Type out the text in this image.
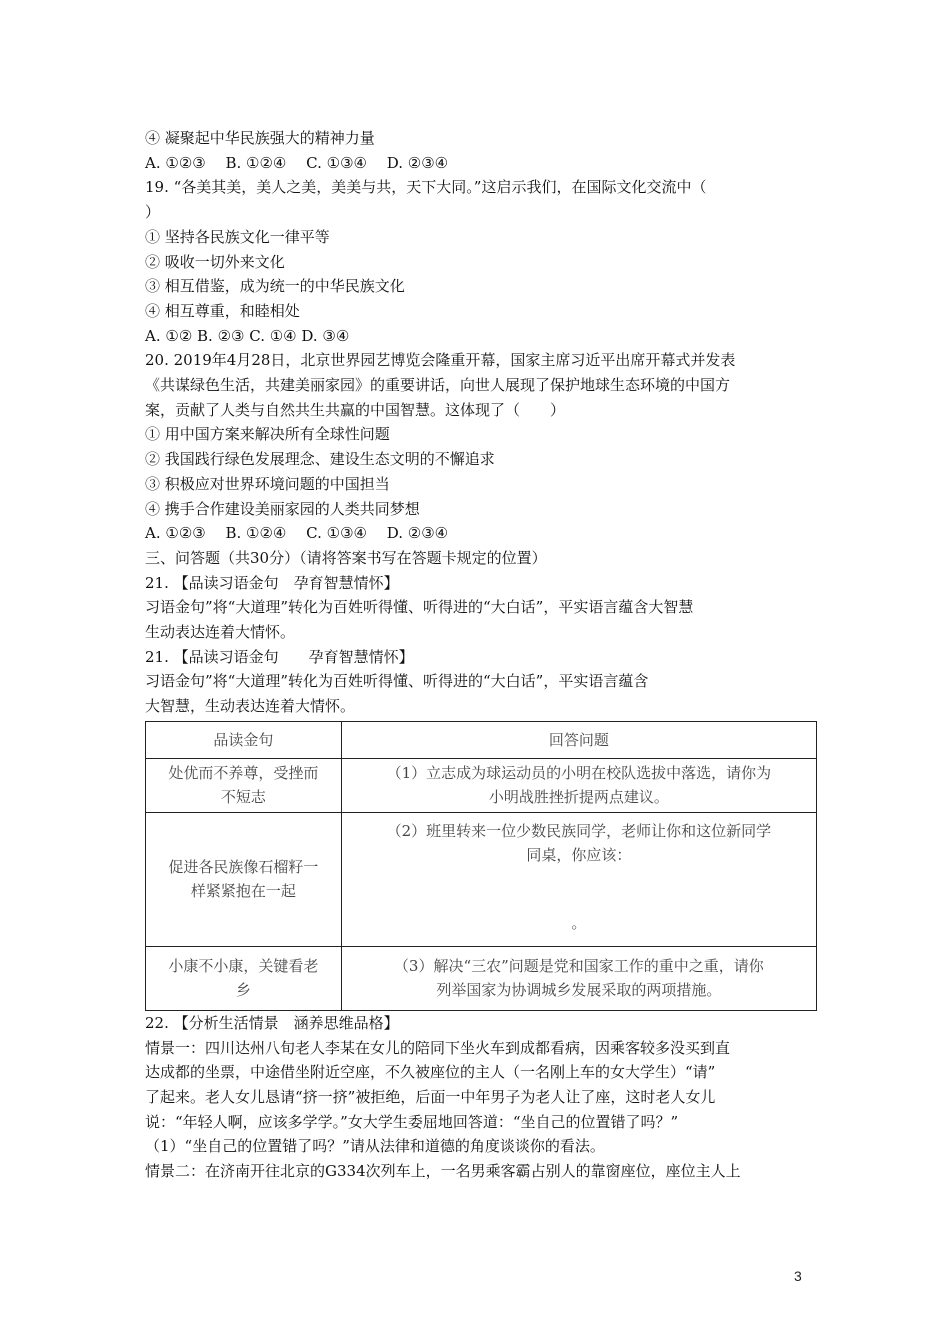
④ 凝聚起中华民族强大的精神力量
A. ①②③　 B. ①②④　 C. ①③④　 D. ②③④
19. “各美其美，美人之美，美美与共，天下大同。”这启示我们，在国际文化交流中（
）
① 坚持各民族文化一律平等
② 吸收一切外来文化
③ 相互借鉴，成为统一的中华民族文化
④ 相互尊重，和睦相处
A. ①② B. ②③ C. ①④ D. ③④
20. 2019年4月28日，北京世界园艺博览会隆重开幕，国家主席习近平出席开幕式并发表
《共谋绿色生活，共建美丽家园》的重要讲话，向世人展现了保护地球生态环境的中国方
案，贡献了人类与自然共生共赢的中国智慧。这体现了（　　）
① 用中国方案来解决所有全球性问题
② 我国践行绿色发展理念、建设生态文明的不懈追求
③ 积极应对世界环境问题的中国担当
④ 携手合作建设美丽家园的人类共同梦想
A. ①②③　 B. ①②④　 C. ①③④　 D. ②③④
三、问答题（共30分）（请将答案书写在答题卡规定的位置）
21. 【品读习语金句　孕育智慧情怀】
习语金句”将“大道理”转化为百姓听得懂、听得进的“大白话”，平实语言蕴含大智慧
生动表达连着大情怀。
21. 【品读习语金句　　孕育智慧情怀】
习语金句”将“大道理”转化为百姓听得懂、听得进的“大白话”，平实语言蕴含
大智慧，生动表达连着大情怀。
品读金句	回答问题
处优而不养尊，受挫而
不短志	（1）立志成为球运动员的小明在校队选拔中落选，请你为
小明战胜挫折提两点建议。
促进各民族像石榴籽一
样紧紧抱在一起	（2）班里转来一位少数民族同学，老师让你和这位新同学
同桌，你应该：
。

小康不小康，关键看老
乡	（3）解决“三农”问题是党和国家工作的重中之重，请你
列举国家为协调城乡发展采取的两项措施。
22. 【分析生活情景　涵养思维品格】
情景一：四川达州八旬老人李某在女儿的陪同下坐火车到成都看病，因乘客较多没买到直
达成都的坐票，中途借坐附近空座，不久被座位的主人（一名刚上车的女大学生）“请”
了起来。老人女儿恳请“挤一挤”被拒绝，后面一中年男子为老人让了座，这时老人女儿
说：“年轻人啊，应该多学学。”女大学生委屈地回答道：“坐自己的位置错了吗？”
（1）“坐自己的位置错了吗？”请从法律和道德的角度谈谈你的看法。
情景二：在济南开往北京的G334次列车上，一名男乘客霸占别人的靠窗座位，座位主人上
3
